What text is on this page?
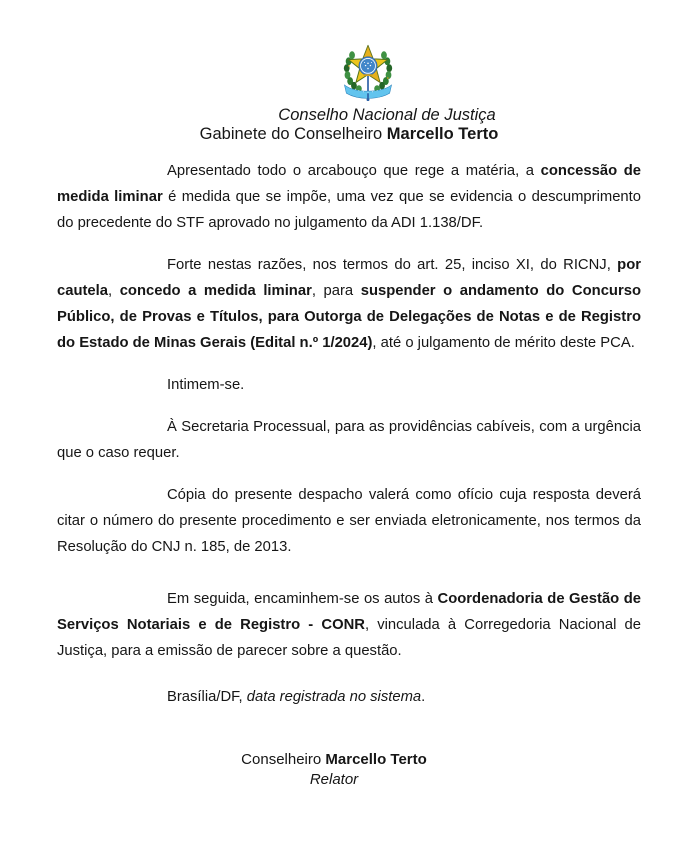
Conselho Nacional de Justiça
Gabinete do Conselheiro Marcello Terto

Apresentado todo o arcabouço que rege a matéria, a concessão de medida liminar é medida que se impõe, uma vez que se evidencia o descumprimento do precedente do STF aprovado no julgamento da ADI 1.138/DF.

Forte nestas razões, nos termos do art. 25, inciso XI, do RICNJ, por cautela, concedo a medida liminar, para suspender o andamento do Concurso Público, de Provas e Títulos, para Outorga de Delegações de Notas e de Registro do Estado de Minas Gerais (Edital n.º 1/2024), até o julgamento de mérito deste PCA.

Intimem-se.

À Secretaria Processual, para as providências cabíveis, com a urgência que o caso requer.

Cópia do presente despacho valerá como ofício cuja resposta deverá citar o número do presente procedimento e ser enviada eletronicamente, nos termos da Resolução do CNJ n. 185, de 2013.

Em seguida, encaminhem-se os autos à Coordenadoria de Gestão de Serviços Notariais e de Registro - CONR, vinculada à Corregedoria Nacional de Justiça, para a emissão de parecer sobre a questão.

Brasília/DF, data registrada no sistema.

Conselheiro Marcello Terto
Relator
